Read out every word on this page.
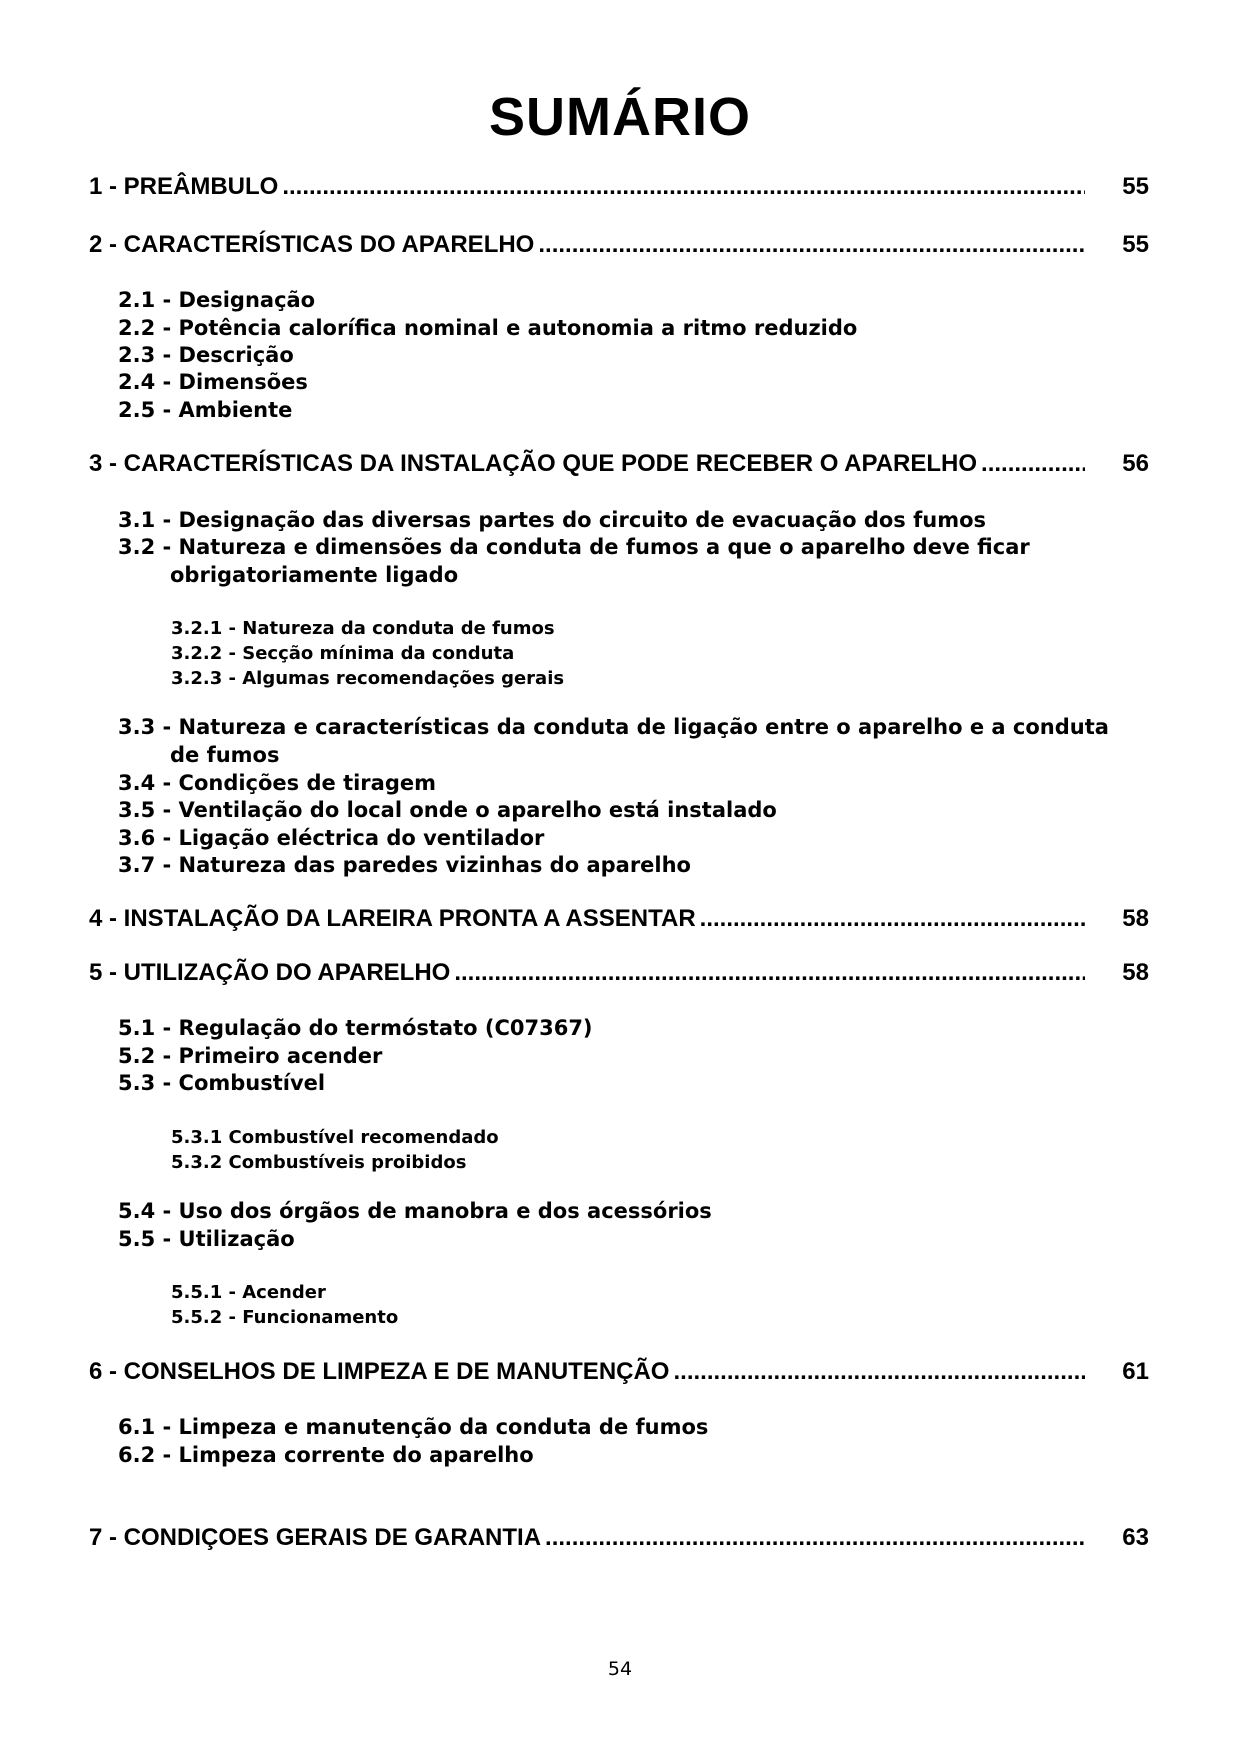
SUMÁRIO
1 - PREÂMBULO .....	55
2 - CARACTERÍSTICAS DO APARELHO .....	55
2.1 - Designação
2.2 - Potência calorífica nominal e autonomia a ritmo reduzido
2.3 - Descrição
2.4 - Dimensões
2.5 - Ambiente
3 - CARACTERÍSTICAS DA INSTALAÇÃO QUE PODE RECEBER O APARELHO .....	56
3.1 - Designação das diversas partes do circuito de evacuação dos fumos
3.2 - Natureza e dimensões da conduta de fumos a que o aparelho deve ficar
obrigatoriamente ligado
3.2.1 - Natureza da conduta de fumos
3.2.2 - Secção mínima da conduta
3.2.3 - Algumas recomendações gerais
3.3 - Natureza e características da conduta de ligação entre o aparelho e a conduta
de fumos
3.4 - Condições de tiragem
3.5 - Ventilação do local onde o aparelho está instalado
3.6 - Ligação eléctrica do ventilador
3.7 - Natureza das paredes vizinhas do aparelho
4 - INSTALAÇÃO DA LAREIRA PRONTA A ASSENTAR .....	58
5 - UTILIZAÇÃO DO APARELHO .....	58
5.1 - Regulação do termóstato (C07367)
5.2 - Primeiro acender
5.3 - Combustível
5.3.1 Combustível recomendado
5.3.2 Combustíveis proibidos
5.4 - Uso dos órgãos de manobra e dos acessórios
5.5 - Utilização
5.5.1 - Acender
5.5.2 - Funcionamento
6 - CONSELHOS DE LIMPEZA E DE MANUTENÇÃO .....	61
6.1 - Limpeza e manutenção da conduta de fumos
6.2 - Limpeza corrente do aparelho
7 - CONDIÇOES GERAIS DE GARANTIA .....	63
54
